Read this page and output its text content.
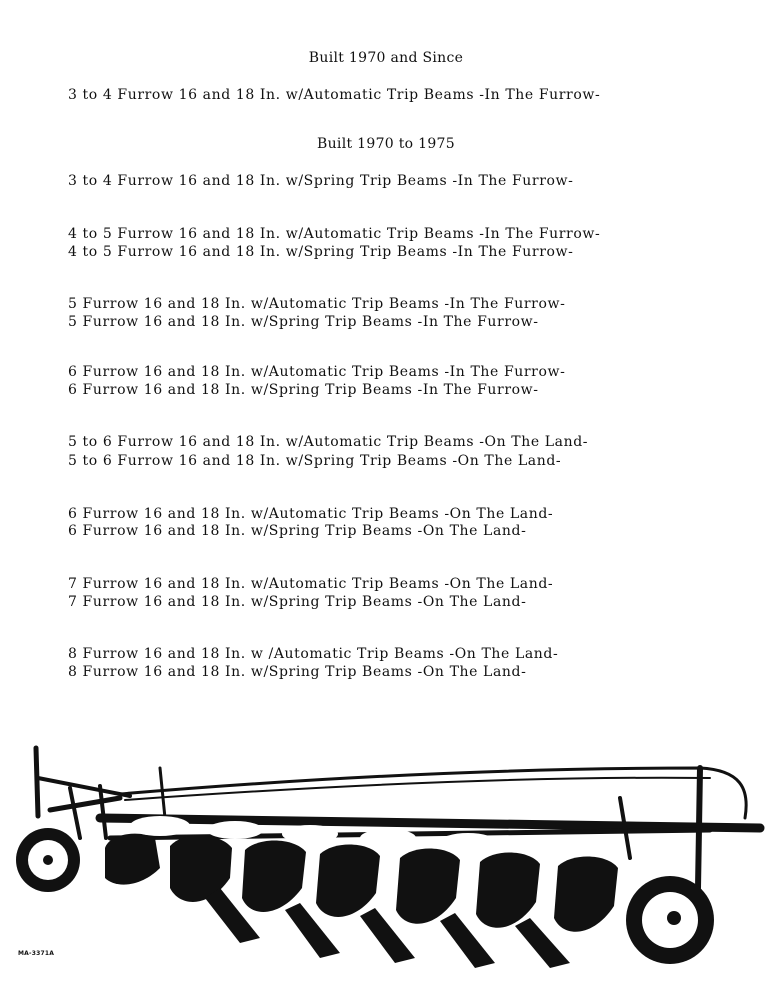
Built 1970 and Since
3 to 4 Furrow 16 and 18 In. w/Automatic Trip Beams -In The Furrow-
Built 1970 to 1975
3 to 4 Furrow 16 and 18 In. w/Spring Trip Beams -In The Furrow-
4 to 5 Furrow 16 and 18 In. w/Automatic Trip Beams -In The Furrow-
4 to 5 Furrow 16 and 18 In. w/Spring Trip Beams -In The Furrow-
5 Furrow 16 and 18 In. w/Automatic Trip Beams -In The Furrow-
5 Furrow 16 and 18 In. w/Spring Trip Beams -In The Furrow-
6 Furrow 16 and 18 In. w/Automatic Trip Beams -In The Furrow-
6 Furrow 16 and 18 In. w/Spring Trip Beams -In The Furrow-
5 to 6 Furrow 16 and 18 In. w/Automatic Trip Beams -On The Land-
5 to 6 Furrow 16 and 18 In. w/Spring Trip Beams -On The Land-
6 Furrow 16 and 18 In. w/Automatic Trip Beams -On The Land-
6 Furrow 16 and 18 In. w/Spring Trip Beams -On The Land-
7 Furrow 16 and 18 In. w/Automatic Trip Beams -On The Land-
7 Furrow 16 and 18 In. w/Spring Trip Beams -On The Land-
8 Furrow 16 and 18 In. w /Automatic Trip Beams -On The Land-
8 Furrow 16 and 18 In. w/Spring Trip Beams -On The Land-
MA-3371A
